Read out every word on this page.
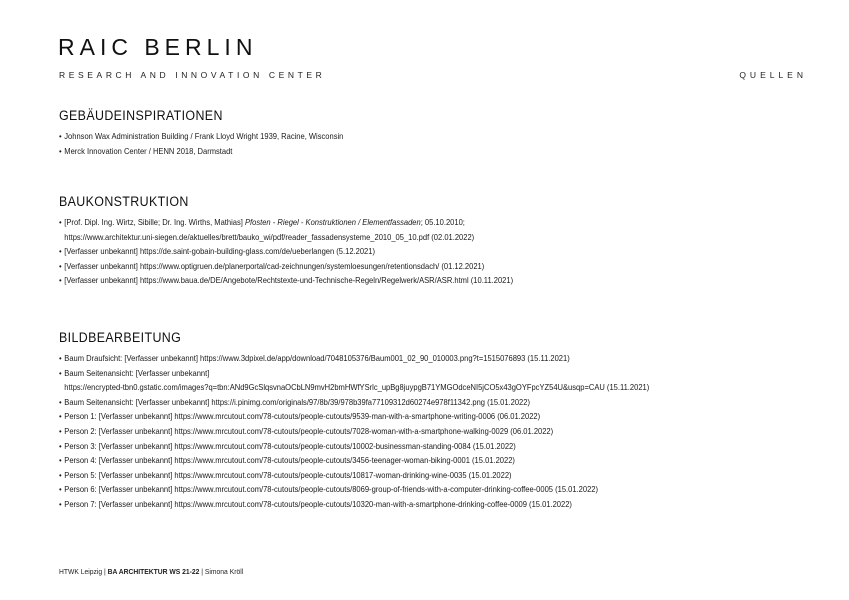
RAIC BERLIN
RESEARCH AND INNOVATION CENTER	QUELLEN
GEBÄUDEINSPIRATIONEN
• Johnson Wax Administration Building / Frank Lloyd Wright 1939, Racine, Wisconsin
• Merck Innovation Center / HENN 2018, Darmstadt
BAUKONSTRUKTION
• [Prof. Dipl. Ing. Wirtz, Sibille; Dr. Ing. Wirths, Mathias] Pfosten - Riegel - Konstruktionen / Elementfassaden; 05.10.2010;
https://www.architektur.uni-siegen.de/aktuelles/brett/bauko_wi/pdf/reader_fassadensysteme_2010_05_10.pdf (02.01.2022)
• [Verfasser unbekannt] https://de.saint-gobain-building-glass.com/de/ueberlangen (5.12.2021)
• [Verfasser unbekannt] https://www.optigruen.de/planerportal/cad-zeichnungen/systemloesungen/retentionsdach/ (01.12.2021)
• [Verfasser unbekannt] https://www.baua.de/DE/Angebote/Rechtstexte-und-Technische-Regeln/Regelwerk/ASR/ASR.html (10.11.2021)
BILDBEARBEITUNG
• Baum Draufsicht: [Verfasser unbekannt] https://www.3dpixel.de/app/download/7048105376/Baum001_02_90_010003.png?t=1515076893 (15.11.2021)
• Baum Seitenansicht: [Verfasser unbekannt]
https://encrypted-tbn0.gstatic.com/images?q=tbn:ANd9GcSlqsvnaOCbLN9mvH2bmHWfYSrlc_upBg8juypgB71YMGOdceNI5jCO5x43gOYFpcYZ54U&usqp=CAU (15.11.2021)
• Baum Seitenansicht: [Verfasser unbekannt] https://i.pinimg.com/originals/97/8b/39/978b39fa77109312d60274e978f11342.png (15.01.2022)
• Person 1: [Verfasser unbekannt] https://www.mrcutout.com/78-cutouts/people-cutouts/9539-man-with-a-smartphone-writing-0006 (06.01.2022)
• Person 2: [Verfasser unbekannt] https://www.mrcutout.com/78-cutouts/people-cutouts/7028-woman-with-a-smartphone-walking-0029 (06.01.2022)
• Person 3: [Verfasser unbekannt] https://www.mrcutout.com/78-cutouts/people-cutouts/10002-businessman-standing-0084 (15.01.2022)
• Person 4: [Verfasser unbekannt] https://www.mrcutout.com/78-cutouts/people-cutouts/3456-teenager-woman-biking-0001 (15.01.2022)
• Person 5: [Verfasser unbekannt] https://www.mrcutout.com/78-cutouts/people-cutouts/10817-woman-drinking-wine-0035 (15.01.2022)
• Person 6: [Verfasser unbekannt] https://www.mrcutout.com/78-cutouts/people-cutouts/8069-group-of-friends-with-a-computer-drinking-coffee-0005 (15.01.2022)
• Person 7: [Verfasser unbekannt] https://www.mrcutout.com/78-cutouts/people-cutouts/10320-man-with-a-smartphone-drinking-coffee-0009 (15.01.2022)
HTWK Leipzig | BA ARCHITEKTUR WS 21-22 | Simona Kröll
